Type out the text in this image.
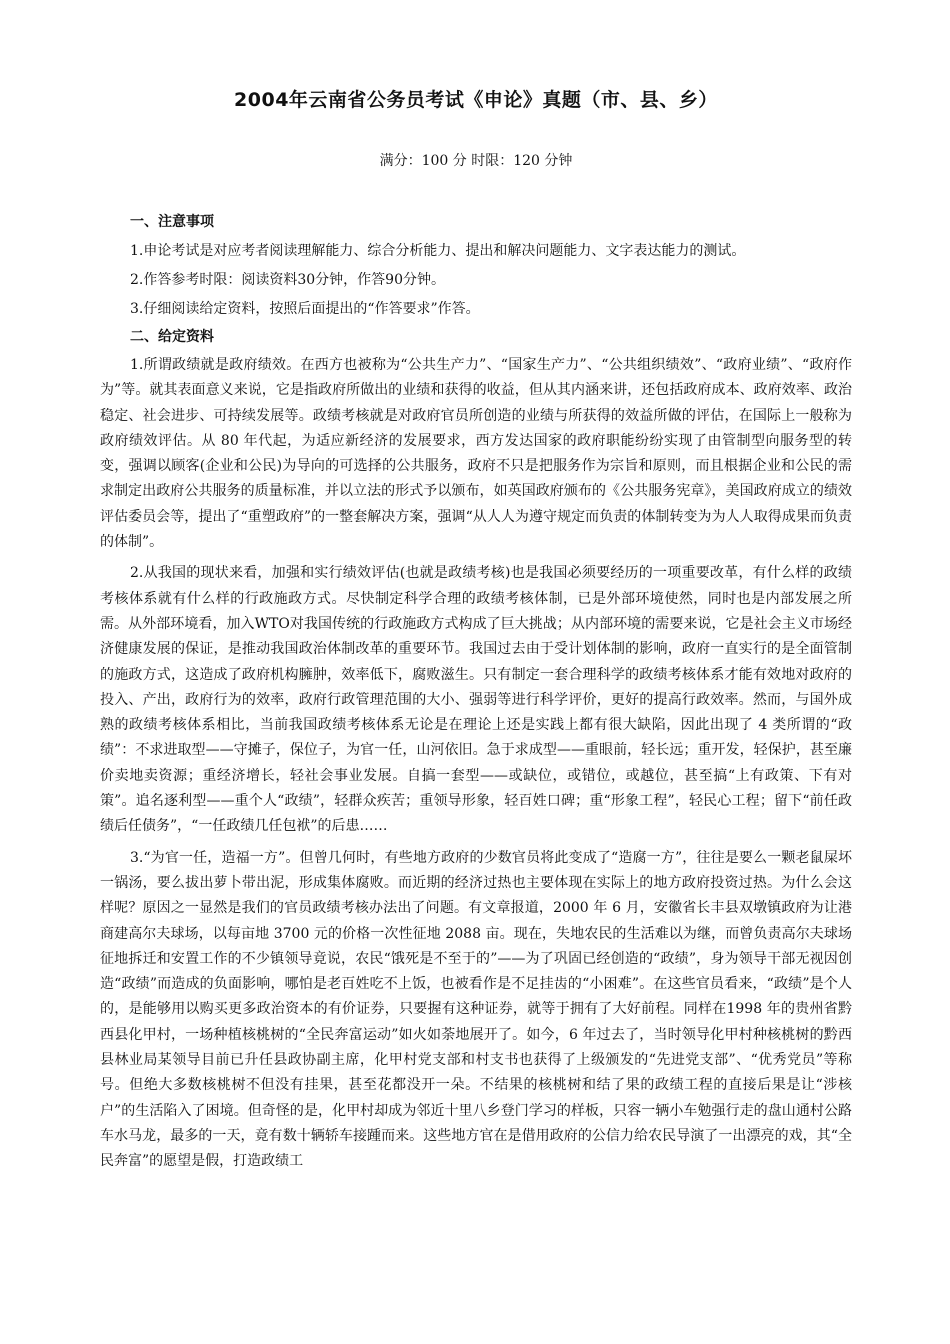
2004年云南省公务员考试《申论》真题（市、县、乡）

满分：100 分 时限：120 分钟

一、注意事项

1.申论考试是对应考者阅读理解能力、综合分析能力、提出和解决问题能力、文字表达能力的测试。

2.作答参考时限：阅读资料30分钟，作答90分钟。

3.仔细阅读给定资料，按照后面提出的“作答要求”作答。

二、给定资料

1.所谓政绩就是政府绩效。在西方也被称为“公共生产力”、“国家生产力”、“公共组织绩效”、“政府业绩”、“政府作为”等。就其表面意义来说，它是指政府所做出的业绩和获得的收益，但从其内涵来讲，还包括政府成本、政府效率、政治稳定、社会进步、可持续发展等。政绩考核就是对政府官员所创造的业绩与所获得的效益所做的评估，在国际上一般称为政府绩效评估。从 80 年代起，为适应新经济的发展要求，西方发达国家的政府职能纷纷实现了由管制型向服务型的转变，强调以顾客(企业和公民)为导向的可选择的公共服务，政府不只是把服务作为宗旨和原则，而且根据企业和公民的需求制定出政府公共服务的质量标准，并以立法的形式予以颁布，如英国政府颁布的《公共服务宪章》，美国政府成立的绩效评估委员会等，提出了“重塑政府”的一整套解决方案，强调“从人人为遵守规定而负责的体制转变为为人人取得成果而负责的体制”。

2.从我国的现状来看，加强和实行绩效评估(也就是政绩考核)也是我国必须要经历的一项重要改革，有什么样的政绩考核体系就有什么样的行政施政方式。尽快制定科学合理的政绩考核体制，已是外部环境使然，同时也是内部发展之所需。从外部环境看，加入WTO对我国传统的行政施政方式构成了巨大挑战；从内部环境的需要来说，它是社会主义市场经济健康发展的保证，是推动我国政治体制改革的重要环节。我国过去由于受计划体制的影响，政府一直实行的是全面管制的施政方式，这造成了政府机构臃肿，效率低下，腐败滋生。只有制定一套合理科学的政绩考核体系才能有效地对政府的投入、产出，政府行为的效率，政府行政管理范围的大小、强弱等进行科学评价，更好的提高行政效率。然而，与国外成熟的政绩考核体系相比，当前我国政绩考核体系无论是在理论上还是实践上都有很大缺陷，因此出现了 4 类所谓的“政绩”：不求进取型——守摊子，保位子，为官一任，山河依旧。急于求成型——重眼前，轻长远；重开发，轻保护，甚至廉价卖地卖资源；重经济增长，轻社会事业发展。自搞一套型——或缺位，或错位，或越位，甚至搞“上有政策、下有对策”。追名逐利型——重个人“政绩”，轻群众疾苦；重领导形象，轻百姓口碑；重“形象工程”，轻民心工程；留下“前任政绩后任债务”，“一任政绩几任包袱”的后患……

3.“为官一任，造福一方”。但曾几何时，有些地方政府的少数官员将此变成了“造腐一方”，往往是要么一颗老鼠屎坏一锅汤，要么拔出萝卜带出泥，形成集体腐败。而近期的经济过热也主要体现在实际上的地方政府投资过热。为什么会这样呢？原因之一显然是我们的官员政绩考核办法出了问题。有文章报道，2000 年 6 月，安徽省长丰县双墩镇政府为让港商建高尔夫球场，以每亩地 3700 元的价格一次性征地 2088 亩。现在，失地农民的生活难以为继，而曾负责高尔夫球场征地拆迁和安置工作的不少镇领导竟说，农民“饿死是不至于的”——为了巩固已经创造的“政绩”，身为领导干部无视因创造“政绩”而造成的负面影响，哪怕是老百姓吃不上饭，也被看作是不足挂齿的“小困难”。在这些官员看来，“政绩”是个人的，是能够用以购买更多政治资本的有价证券，只要握有这种证券，就等于拥有了大好前程。同样在1998 年的贵州省黔西县化甲村，一场种植核桃树的“全民奔富运动”如火如荼地展开了。如今，6 年过去了，当时领导化甲村种核桃树的黔西县林业局某领导目前已升任县政协副主席，化甲村党支部和村支书也获得了上级颁发的“先进党支部”、“优秀党员”等称号。但绝大多数核桃树不但没有挂果，甚至花都没开一朵。不结果的核桃树和结了果的政绩工程的直接后果是让“涉核户”的生活陷入了困境。但奇怪的是，化甲村却成为邻近十里八乡登门学习的样板，只容一辆小车勉强行走的盘山通村公路车水马龙，最多的一天，竟有数十辆轿车接踵而来。这些地方官在是借用政府的公信力给农民导演了一出漂亮的戏，其“全民奔富”的愿望是假，打造政绩工
